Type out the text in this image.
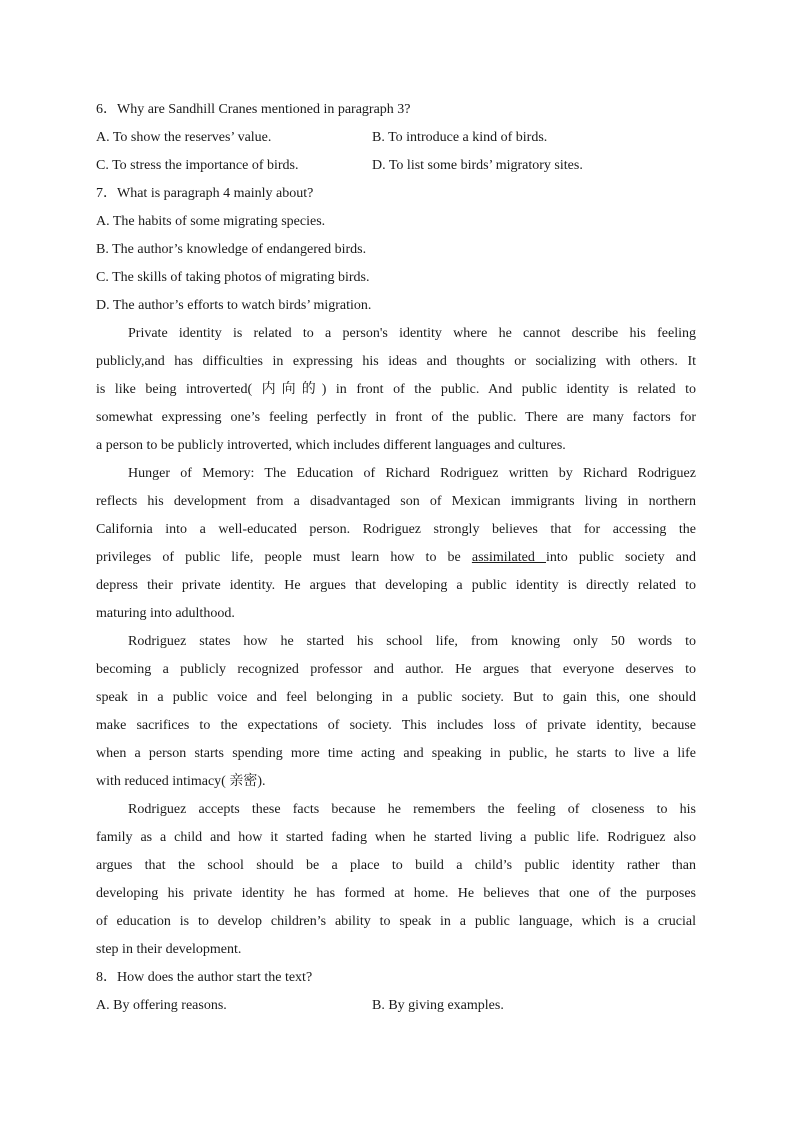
6．Why are Sandhill Cranes mentioned in paragraph 3?
A. To show the reserves’ value.	B. To introduce a kind of birds.
C. To stress the importance of birds.	D. To list some birds’ migratory sites.
7．What is paragraph 4 mainly about?
A. The habits of some migrating species.
B. The author’s knowledge of endangered birds.
C. The skills of taking photos of migrating birds.
D. The author’s efforts to watch birds’ migration.
Private identity is related to a person's identity where he cannot describe his feeling
publicly,and has difficulties in expressing his ideas and thoughts or socializing with others. It
is like being introverted( 内向的) in front of the public. And public identity is related to
somewhat expressing one’s feeling perfectly in front of the public. There are many factors for
a person to be publicly introverted, which includes different languages and cultures.
Hunger of Memory: The Education of Richard Rodriguez written by Richard Rodriguez
reflects his development from a disadvantaged son of Mexican immigrants living in northern
California into a well-educated person. Rodriguez strongly believes that for accessing the
privileges of public life, people must learn how to be assimilated into public society and
depress their private identity. He argues that developing a public identity is directly related to
maturing into adulthood.
Rodriguez states how he started his school life, from knowing only 50 words to
becoming a publicly recognized professor and author. He argues that everyone deserves to
speak in a public voice and feel belonging in a public society. But to gain this, one should
make sacrifices to the expectations of society. This includes loss of private identity, because
when a person starts spending more time acting and speaking in public, he starts to live a life
with reduced intimacy( 亲密).
Rodriguez accepts these facts because he remembers the feeling of closeness to his
family as a child and how it started fading when he started living a public life. Rodriguez also
argues that the school should be a place to build a child’s public identity rather than
developing his private identity he has formed at home. He believes that one of the purposes
of education is to develop children’s ability to speak in a public language, which is a crucial
step in their development.
8．How does the author start the text?
A. By offering reasons.	B. By giving examples.
